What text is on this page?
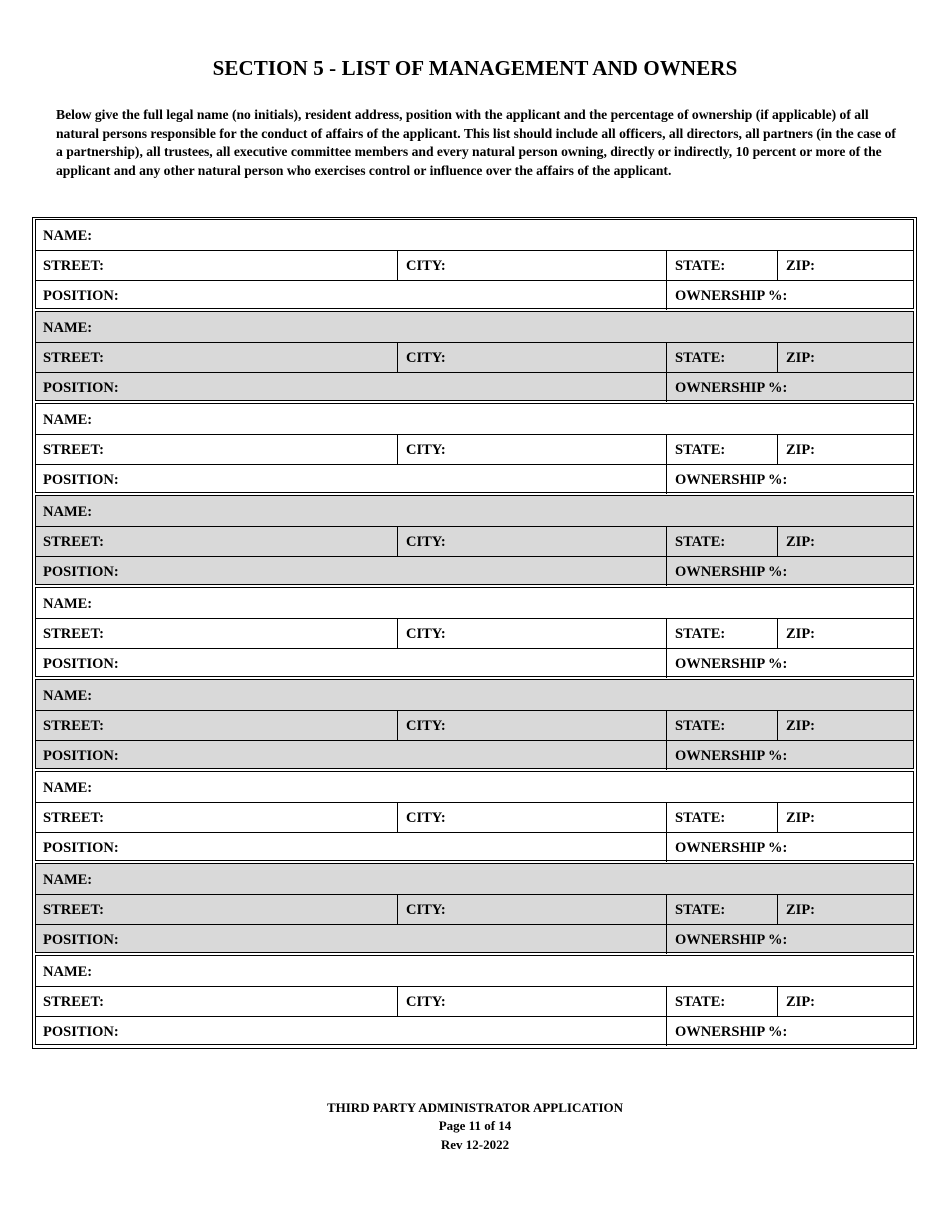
SECTION 5 - LIST OF MANAGEMENT AND OWNERS
Below give the full legal name (no initials), resident address, position with the applicant and the percentage of ownership (if applicable) of all natural persons responsible for the conduct of affairs of the applicant. This list should include all officers, all directors, all partners (in the case of a partnership), all trustees, all executive committee members and every natural person owning, directly or indirectly, 10 percent or more of the applicant and any other natural person who exercises control or influence over the affairs of the applicant.
NAME:
STREET:	CITY:	STATE:	ZIP:
POSITION:	OWNERSHIP %:
NAME:
STREET:	CITY:	STATE:	ZIP:
POSITION:	OWNERSHIP %:
NAME:
STREET:	CITY:	STATE:	ZIP:
POSITION:	OWNERSHIP %:
NAME:
STREET:	CITY:	STATE:	ZIP:
POSITION:	OWNERSHIP %:
NAME:
STREET:	CITY:	STATE:	ZIP:
POSITION:	OWNERSHIP %:
NAME:
STREET:	CITY:	STATE:	ZIP:
POSITION:	OWNERSHIP %:
NAME:
STREET:	CITY:	STATE:	ZIP:
POSITION:	OWNERSHIP %:
NAME:
STREET:	CITY:	STATE:	ZIP:
POSITION:	OWNERSHIP %:
NAME:
STREET:	CITY:	STATE:	ZIP:
POSITION:	OWNERSHIP %:
THIRD PARTY ADMINISTRATOR APPLICATION
Page 11 of 14
Rev 12-2022
